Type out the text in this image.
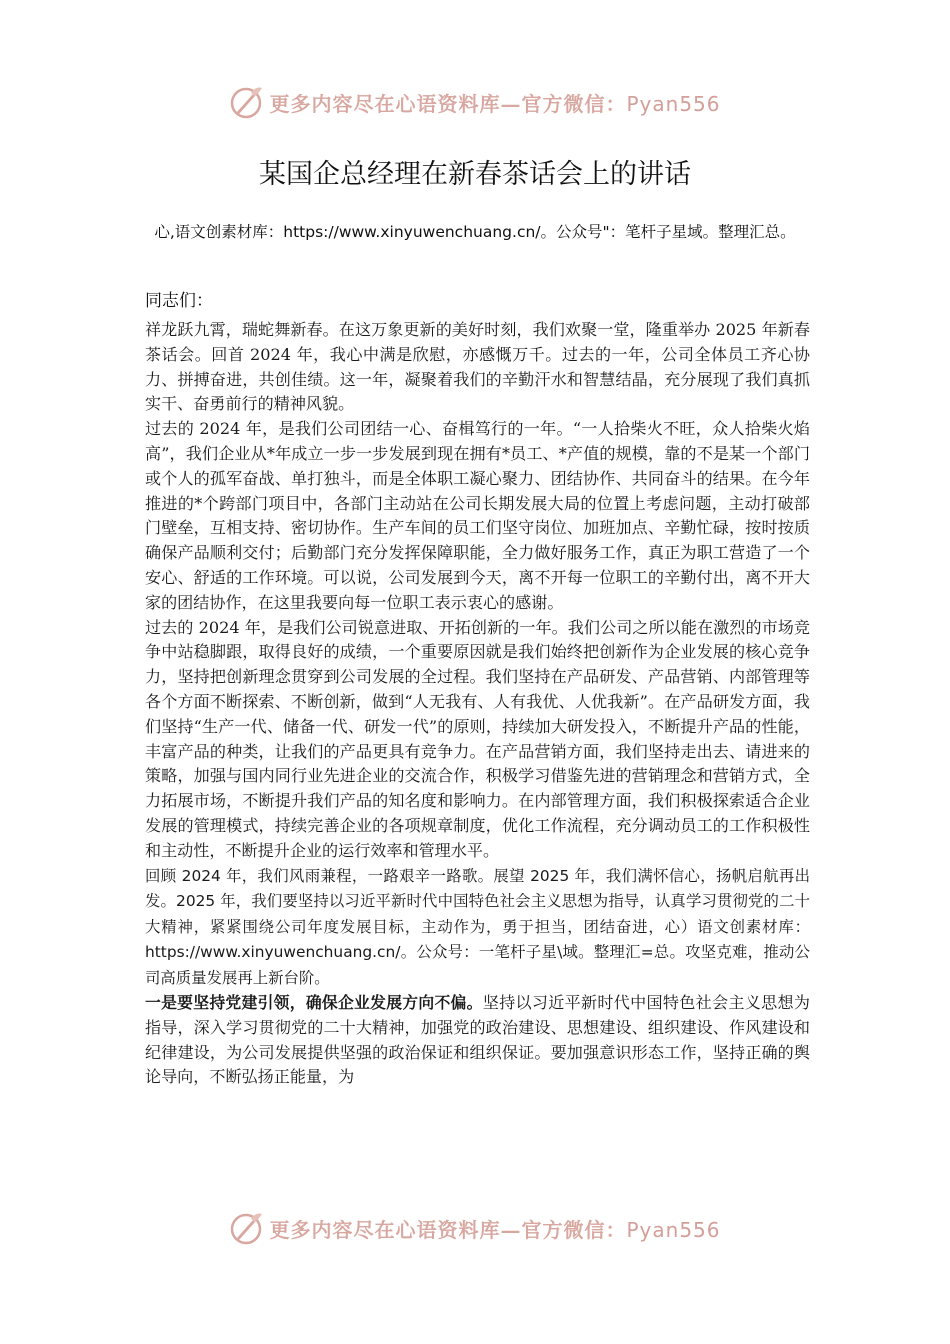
更多内容尽在心语资料库—官方微信：Pyan556
某国企总经理在新春茶话会上的讲话
心,语文创素材库：https://www.xinyuwenchuang.cn/。公众号"：笔杆子星域。整理汇总。
同志们：

祥龙跃九霄，瑞蛇舞新春。在这万象更新的美好时刻，我们欢聚一堂，隆重举办 2025 年新春茶话会。回首 2024 年，我心中满是欣慰，亦感慨万千。过去的一年，公司全体员工齐心协力、拼搏奋进，共创佳绩。这一年，凝聚着我们的辛勤汗水和智慧结晶，充分展现了我们真抓实干、奋勇前行的精神风貌。

过去的 2024 年，是我们公司团结一心、奋楫笃行的一年。“一人拾柴火不旺，众人拾柴火焰高”，我们企业从*年成立一步一步发展到现在拥有*员工、*产值的规模，靠的不是某一个部门或个人的孤军奋战、单打独斗，而是全体职工凝心聚力、团结协作、共同奋斗的结果。在今年推进的*个跨部门项目中，各部门主动站在公司长期发展大局的位置上考虑问题，主动打破部门壁垒，互相支持、密切协作。生产车间的员工们坚守岗位、加班加点、辛勤忙碌，按时按质确保产品顺利交付；后勤部门充分发挥保障职能，全力做好服务工作，真正为职工营造了一个安心、舒适的工作环境。可以说，公司发展到今天，离不开每一位职工的辛勤付出，离不开大家的团结协作，在这里我要向每一位职工表示衷心的感谢。

过去的 2024 年，是我们公司锐意进取、开拓创新的一年。我们公司之所以能在激烈的市场竞争中站稳脚跟，取得良好的成绩，一个重要原因就是我们始终把创新作为企业发展的核心竞争力，坚持把创新理念贯穿到公司发展的全过程。我们坚持在产品研发、产品营销、内部管理等各个方面不断探索、不断创新，做到“人无我有、人有我优、人优我新”。在产品研发方面，我们坚持“生产一代、储备一代、研发一代”的原则，持续加大研发投入，不断提升产品的性能，丰富产品的种类，让我们的产品更具有竞争力。在产品营销方面，我们坚持走出去、请进来的策略，加强与国内同行业先进企业的交流合作，积极学习借鉴先进的营销理念和营销方式，全力拓展市场，不断提升我们产品的知名度和影响力。在内部管理方面，我们积极探索适合企业发展的管理模式，持续完善企业的各项规章制度，优化工作流程，充分调动员工的工作积极性和主动性，不断提升企业的运行效率和管理水平。

回顾 2024 年，我们风雨兼程，一路艰辛一路歌。展望 2025 年，我们满怀信心，扬帆启航再出发。2025 年，我们要坚持以习近平新时代中国特色社会主义思想为指导，认真学习贯彻党的二十大精神，紧紧围绕公司年度发展目标，主动作为，勇于担当，团结奋进，心）语文创素材库：https://www.xinyuwenchuang.cn/。公众号：一笔杆子星\域。整理汇=总。攻坚克难，推动公司高质量发展再上新台阶。

一是要坚持党建引领，确保企业发展方向不偏。坚持以习近平新时代中国特色社会主义思想为指导，深入学习贯彻党的二十大精神，加强党的政治建设、思想建设、组织建设、作风建设和纪律建设，为公司发展提供坚强的政治保证和组织保证。要加强意识形态工作，坚持正确的舆论导向，不断弘扬正能量，为

更多内容尽在心语资料库—官方微信：Pyan556
